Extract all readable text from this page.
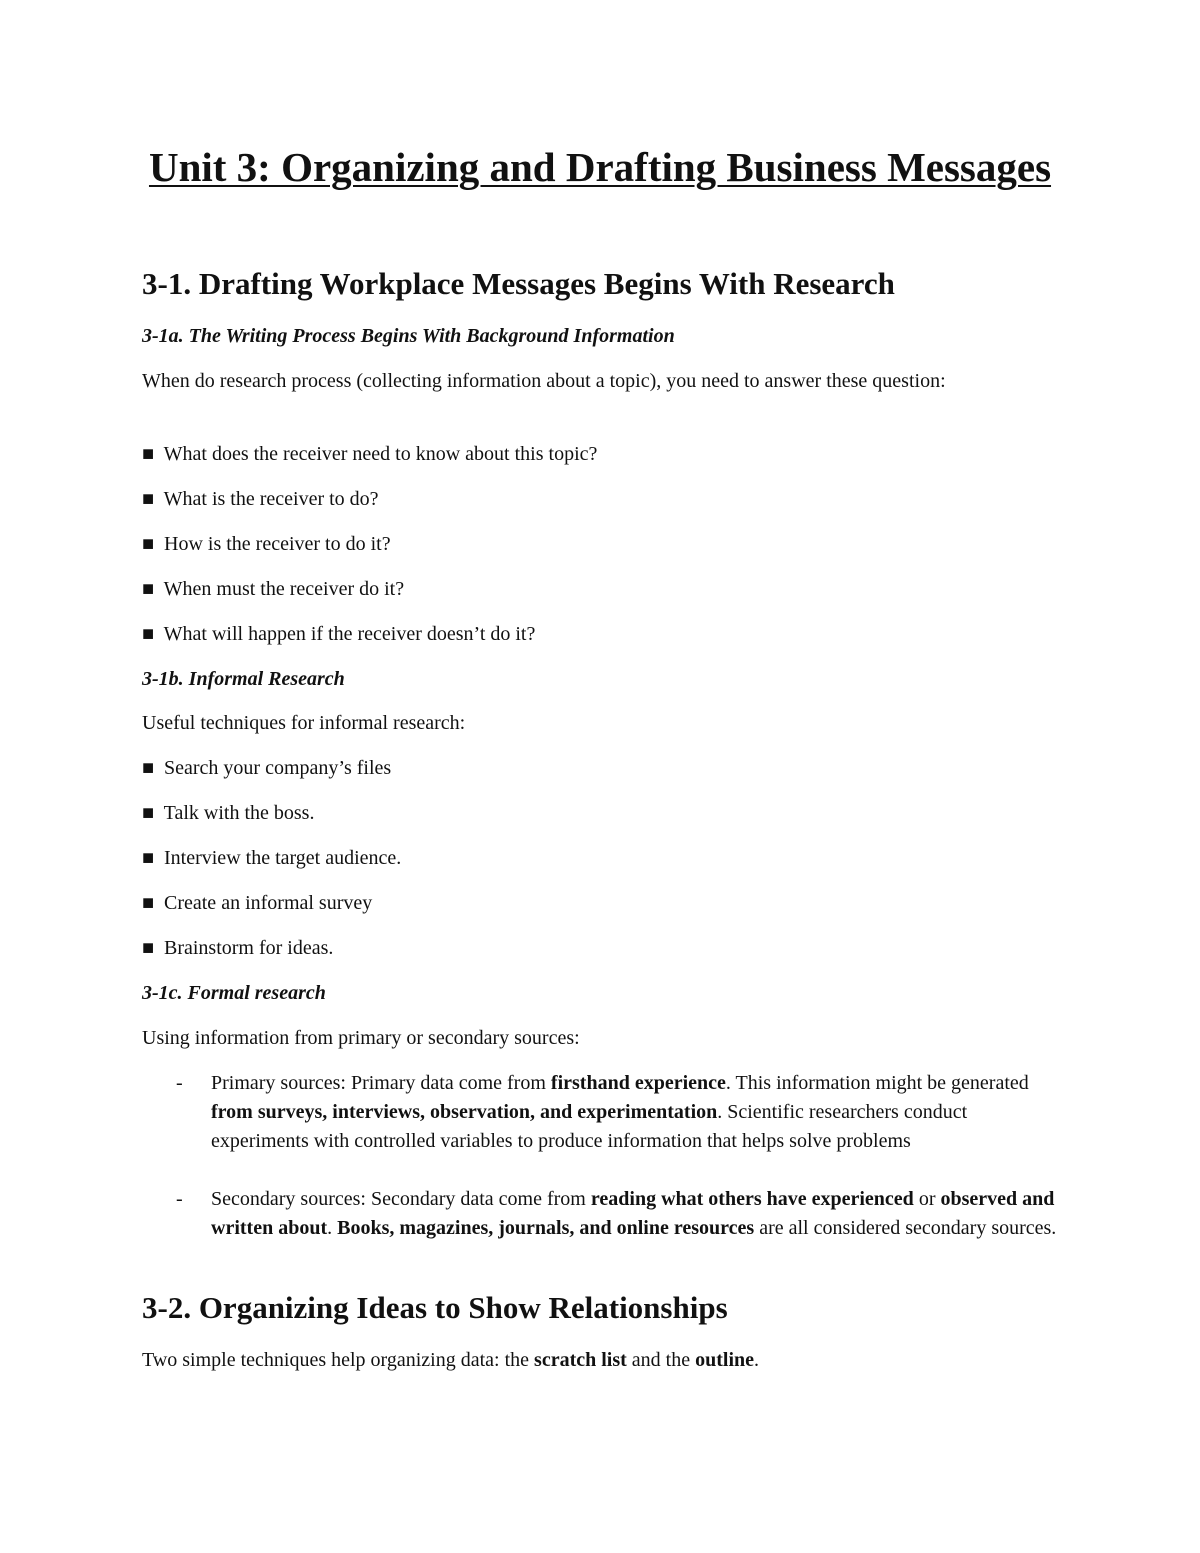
Unit 3: Organizing and Drafting Business Messages
3-1. Drafting Workplace Messages Begins With Research
3-1a. The Writing Process Begins With Background Information

When do research process (collecting information about a topic), you need to answer these question:

■ What does the receiver need to know about this topic?
■ What is the receiver to do?
■ How is the receiver to do it?
■ When must the receiver do it?
■ What will happen if the receiver doesn’t do it?
3-1b. Informal Research

Useful techniques for informal research:

■ Search your company’s files
■ Talk with the boss.
■ Interview the target audience.
■ Create an informal survey
■ Brainstorm for ideas.
3-1c. Formal research

Using information from primary or secondary sources:

- Primary sources: Primary data come from firsthand experience. This information might be generated from surveys, interviews, observation, and experimentation. Scientific researchers conduct experiments with controlled variables to produce information that helps solve problems
- Secondary sources: Secondary data come from reading what others have experienced or observed and written about. Books, magazines, journals, and online resources are all considered secondary sources.
3-2. Organizing Ideas to Show Relationships

Two simple techniques help organizing data: the scratch list and the outline.
